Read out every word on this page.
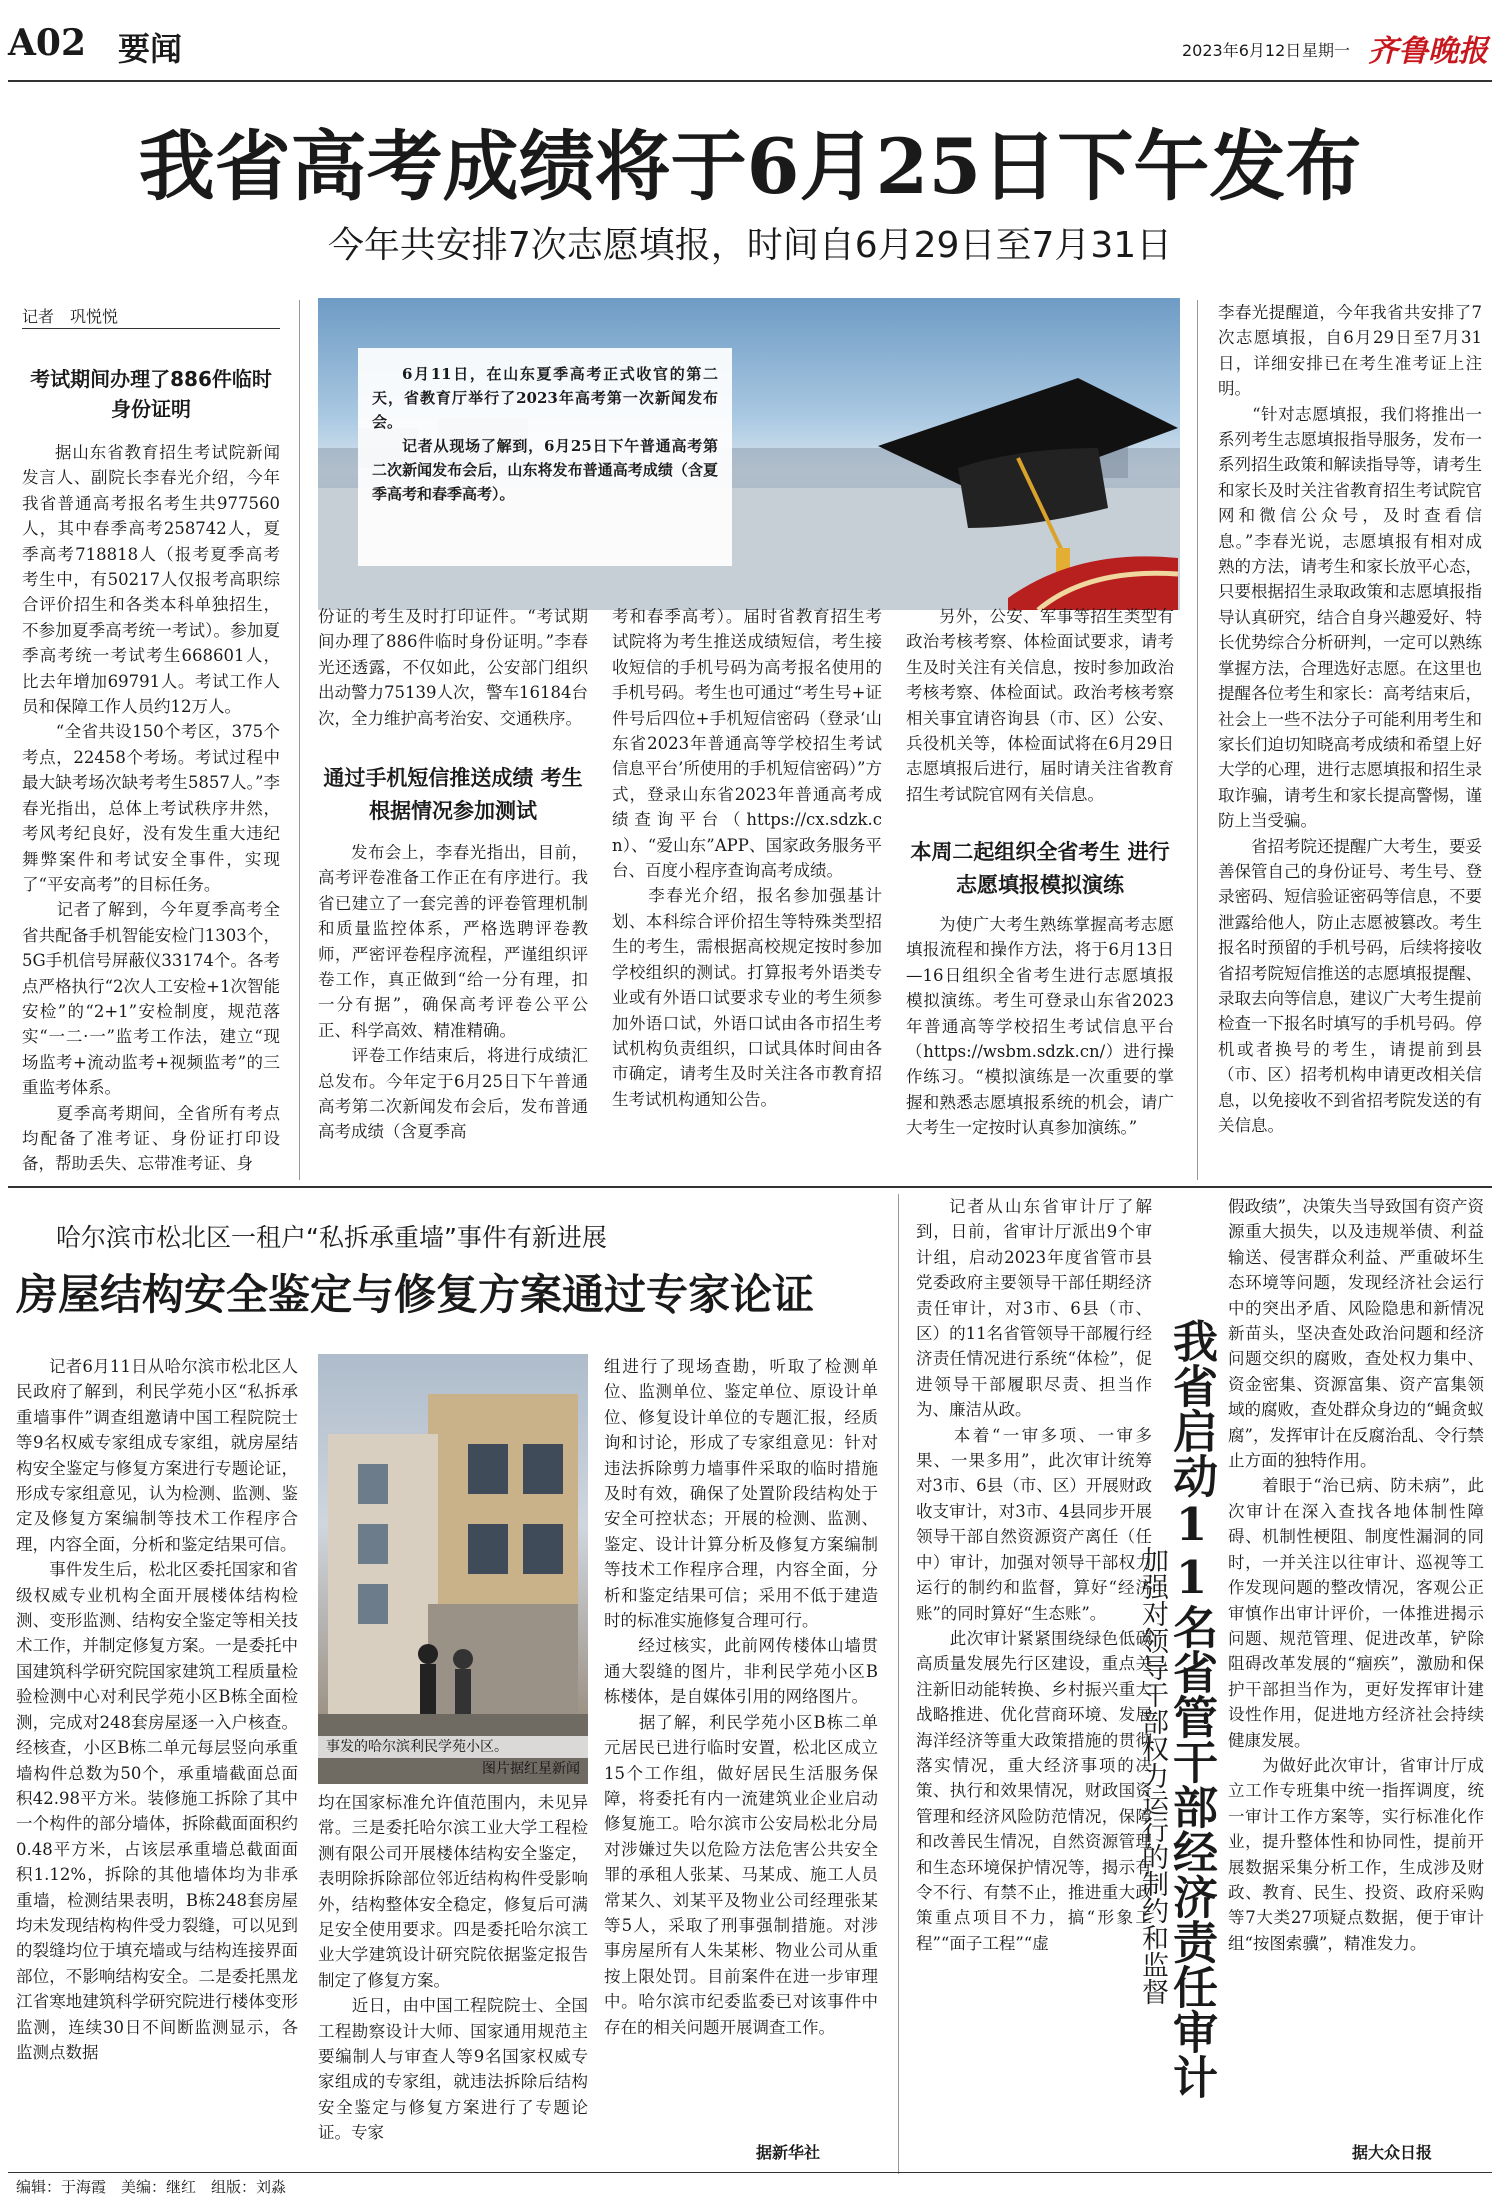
A02 要闻	2023年6月12日 星期一 齐鲁晚报
我省高考成绩将于6月25日下午发布
今年共安排7次志愿填报，时间自6月29日至7月31日
记者　巩悦悦
6月11日，在山东夏季高考正式收官的第二天，省教育厅举行了2023年高考第一次新闻发布会。
记者从现场了解到，6月25日下午普通高考第二次新闻发布会后，山东将发布普通高考成绩（含夏季高考和春季高考）。
考试期间办理了886件临时身份证明
据山东省教育招生考试院新闻发言人、副院长李春光介绍，今年我省普通高考报名考生共977560人，其中春季高考258742人，夏季高考718818人（报考夏季高考考生中，有50217人仅报考高职综合评价招生和各类本科单独招生，不参加夏季高考统一考试）。参加夏季高考统一考试考生668601人，比去年增加69791人。考试工作人员和保障工作人员约12万人。
　　“全省共设150个考区，375个考点，22458个考场。考试过程中最大缺考场次缺考考生5857人。”李春光指出，总体上考试秩序井然，考风考纪良好，没有发生重大违纪舞弊案件和考试安全事件，实现了“平安高考”的目标任务。
　　记者了解到，今年夏季高考全省共配备手机智能安检门1303个，5G手机信号屏蔽仪33174个。各考点严格执行“2次人工安检+1次智能安检”的“2+1”安检制度，规范落实“一二·一”监考工作法，建立“现场监考+流动监考+视频监考”的三重监考体系。
　　夏季高考期间，全省所有考点均配备了准考证、身份证打印设备，帮助丢失、忘带准考证、身
份证的考生及时打印证件。“考试期间办理了886件临时身份证明。”李春光还透露，不仅如此，公安部门组织出动警力75139人次，警车16184台次，全力维护高考治安、交通秩序。
通过手机短信推送成绩 考生根据情况参加测试
发布会上，李春光指出，目前，高考评卷准备工作正在有序进行。我省已建立了一套完善的评卷管理机制和质量监控体系，严格选聘评卷教师，严密评卷程序流程，严谨组织评卷工作，真正做到“给一分有理，扣一分有据”，确保高考评卷公平公正、科学高效、精准精确。
　　评卷工作结束后，将进行成绩汇总发布。今年定于6月25日下午普通高考第二次新闻发布会后，发布普通高考成绩（含夏季高
考和春季高考）。届时省教育招生考试院将为考生推送成绩短信，考生接收短信的手机号码为高考报名使用的手机号码。考生也可通过“考生号+证件号后四位+手机短信密码（登录‘山东省2023年普通高等学校招生考试信息平台’所使用的手机短信密码）”方式，登录山东省2023年普通高考成绩查询平台（https://cx.sdzk.cn）、“爱山东”APP、国家政务服务平台、百度小程序查询高考成绩。
　　李春光介绍，报名参加强基计划、本科综合评价招生等特殊类型招生的考生，需根据高校规定按时参加学校组织的测试。打算报考外语类专业或有外语口试要求专业的考生须参加外语口试，外语口试由各市招生考试机构负责组织，口试具体时间由各市确定，请考生及时关注各市教育招生考试机构通知公告。
另外，公安、军事等招生类型有政治考核考察、体检面试要求，请考生及时关注有关信息，按时参加政治考核考察、体检面试。政治考核考察相关事宜请咨询县（市、区）公安、兵役机关等，体检面试将在6月29日志愿填报后进行，届时请关注省教育招生考试院官网有关信息。
本周二起组织全省考生 进行志愿填报模拟演练
为使广大考生熟练掌握高考志愿填报流程和操作方法，将于6月13日—16日组织全省考生进行志愿填报模拟演练。考生可登录山东省2023年普通高等学校招生考试信息平台（https://wsbm.sdzk.cn/）进行操作练习。“模拟演练是一次重要的掌握和熟悉志愿填报系统的机会，请广大考生一定按时认真参加演练。”
李春光提醒道，今年我省共安排了7次志愿填报，自6月29日至7月31日，详细安排已在考生准考证上注明。
　　“针对志愿填报，我们将推出一系列考生志愿填报指导服务，发布一系列招生政策和解读指导等，请考生和家长及时关注省教育招生考试院官网和微信公众号，及时查看信息。”李春光说，志愿填报有相对成熟的方法，请考生和家长放平心态，只要根据招生录取政策和志愿填报指导认真研究，结合自身兴趣爱好、特长优势综合分析研判，一定可以熟练掌握方法，合理选好志愿。在这里也提醒各位考生和家长：高考结束后，社会上一些不法分子可能利用考生和家长们迫切知晓高考成绩和希望上好大学的心理，进行志愿填报和招生录取诈骗，请考生和家长提高警惕，谨防上当受骗。
　　省招考院还提醒广大考生，要妥善保管自己的身份证号、考生号、登录密码、短信验证密码等信息，不要泄露给他人，防止志愿被篡改。考生报名时预留的手机号码，后续将接收省招考院短信推送的志愿填报提醒、录取去向等信息，建议广大考生提前检查一下报名时填写的手机号码。停机或者换号的考生，请提前到县（市、区）招考机构申请更改相关信息，以免接收不到省招考院发送的有关信息。
哈尔滨市松北区一租户“私拆承重墙”事件有新进展
房屋结构安全鉴定与修复方案通过专家论证
记者6月11日从哈尔滨市松北区人民政府了解到，利民学苑小区“私拆承重墙事件”调查组邀请中国工程院院士等9名权威专家组成专家组，就房屋结构安全鉴定与修复方案进行专题论证，形成专家组意见，认为检测、监测、鉴定及修复方案编制等技术工作程序合理，内容全面，分析和鉴定结果可信。
　　事件发生后，松北区委托国家和省级权威专业机构全面开展楼体结构检测、变形监测、结构安全鉴定等相关技术工作，并制定修复方案。一是委托中国建筑科学研究院国家建筑工程质量检验检测中心对利民学苑小区B栋全面检测，完成对248套房屋逐一入户核查。经核查，小区B栋二单元每层竖向承重墙构件总数为50个，承重墙截面总面积42.98平方米。装修施工拆除了其中一个构件的部分墙体，拆除截面面积约0.48平方米，占该层承重墙总截面面积1.12%，拆除的其他墙体均为非承重墙，检测结果表明，B栋248套房屋均未发现结构构件受力裂缝，可以见到的裂缝均位于填充墙或与结构连接界面部位，不影响结构安全。二是委托黑龙江省寒地建筑科学研究院进行楼体变形监测，连续30日不间断监测显示，各监测点数据
事发的哈尔滨利民学苑小区。
图片据红星新闻
均在国家标准允许值范围内，未见异常。三是委托哈尔滨工业大学工程检测有限公司开展楼体结构安全鉴定，表明除拆除部位邻近结构构件受影响外，结构整体安全稳定，修复后可满足安全使用要求。四是委托哈尔滨工业大学建筑设计研究院依据鉴定报告制定了修复方案。
　　近日，由中国工程院院士、全国工程勘察设计大师、国家通用规范主要编制人与审查人等9名国家权威专家组成的专家组，就违法拆除后结构安全鉴定与修复方案进行了专题论证。专家
组进行了现场查勘，听取了检测单位、监测单位、鉴定单位、原设计单位、修复设计单位的专题汇报，经质询和讨论，形成了专家组意见：针对违法拆除剪力墙事件采取的临时措施及时有效，确保了处置阶段结构处于安全可控状态；开展的检测、监测、鉴定、设计计算分析及修复方案编制等技术工作程序合理，内容全面，分析和鉴定结果可信；采用不低于建造时的标准实施修复合理可行。
　　经过核实，此前网传楼体山墙贯通大裂缝的图片，非利民学苑小区B栋楼体，是自媒体引用的网络图片。
　　据了解，利民学苑小区B栋二单元居民已进行临时安置，松北区成立15个工作组，做好居民生活服务保障，将委托有内一流建筑业企业启动修复施工。哈尔滨市公安局松北分局对涉嫌过失以危险方法危害公共安全罪的承租人张某、马某成、施工人员常某久、刘某平及物业公司经理张某等5人，采取了刑事强制措施。对涉事房屋所有人朱某彬、物业公司从重按上限处罚。目前案件在进一步审理中。哈尔滨市纪委监委已对该事件中存在的相关问题开展调查工作。
据新华社
记者从山东省审计厅了解到，日前，省审计厅派出9个审计组，启动2023年度省管市县党委政府主要领导干部任期经济责任审计，对3市、6县（市、区）的11名省管领导干部履行经济责任情况进行系统“体检”，促进领导干部履职尽责、担当作为、廉洁从政。
　　本着“一审多项、一审多果、一果多用”，此次审计统筹对3市、6县（市、区）开展财政收支审计，对3市、4县同步开展领导干部自然资源资产离任（任中）审计，加强对领导干部权力运行的制约和监督，算好“经济账”的同时算好“生态账”。
　　此次审计紧紧围绕绿色低碳高质量发展先行区建设，重点关注新旧动能转换、乡村振兴重大战略推进、优化营商环境、发展海洋经济等重大政策措施的贯彻落实情况，重大经济事项的决策、执行和效果情况，财政国资管理和经济风险防范情况，保障和改善民生情况，自然资源管理和生态环境保护情况等，揭示有令不行、有禁不止，推进重大政策重点项目不力，搞“形象工程”“面子工程”“虚	我省启动11名省管干部经济责任审计
加强对领导干部权力运行的制约和监督
假政绩”，决策失当导致国有资产资源重大损失，以及违规举债、利益输送、侵害群众利益、严重破坏生态环境等问题，发现经济社会运行中的突出矛盾、风险隐患和新情况新苗头，坚决查处政治问题和经济问题交织的腐败，查处权力集中、资金密集、资源富集、资产富集领域的腐败，查处群众身边的“蝇贪蚁腐”，发挥审计在反腐治乱、令行禁止方面的独特作用。
　　着眼于“治已病、防未病”，此次审计在深入查找各地体制性障碍、机制性梗阻、制度性漏洞的同时，一并关注以往审计、巡视等工作发现问题的整改情况，客观公正审慎作出审计评价，一体推进揭示问题、规范管理、促进改革，铲除阻碍改革发展的“痼疾”，激励和保护干部担当作为，更好发挥审计建设性作用，促进地方经济社会持续健康发展。
　　为做好此次审计，省审计厅成立工作专班集中统一指挥调度，统一审计工作方案等，实行标准化作业，提升整体性和协同性，提前开展数据采集分析工作，生成涉及财政、教育、民生、投资、政府采购等7大类27项疑点数据，便于审计组“按图索骥”，精准发力。
据大众日报
编辑：于海霞　美编：继红　组版：刘淼
